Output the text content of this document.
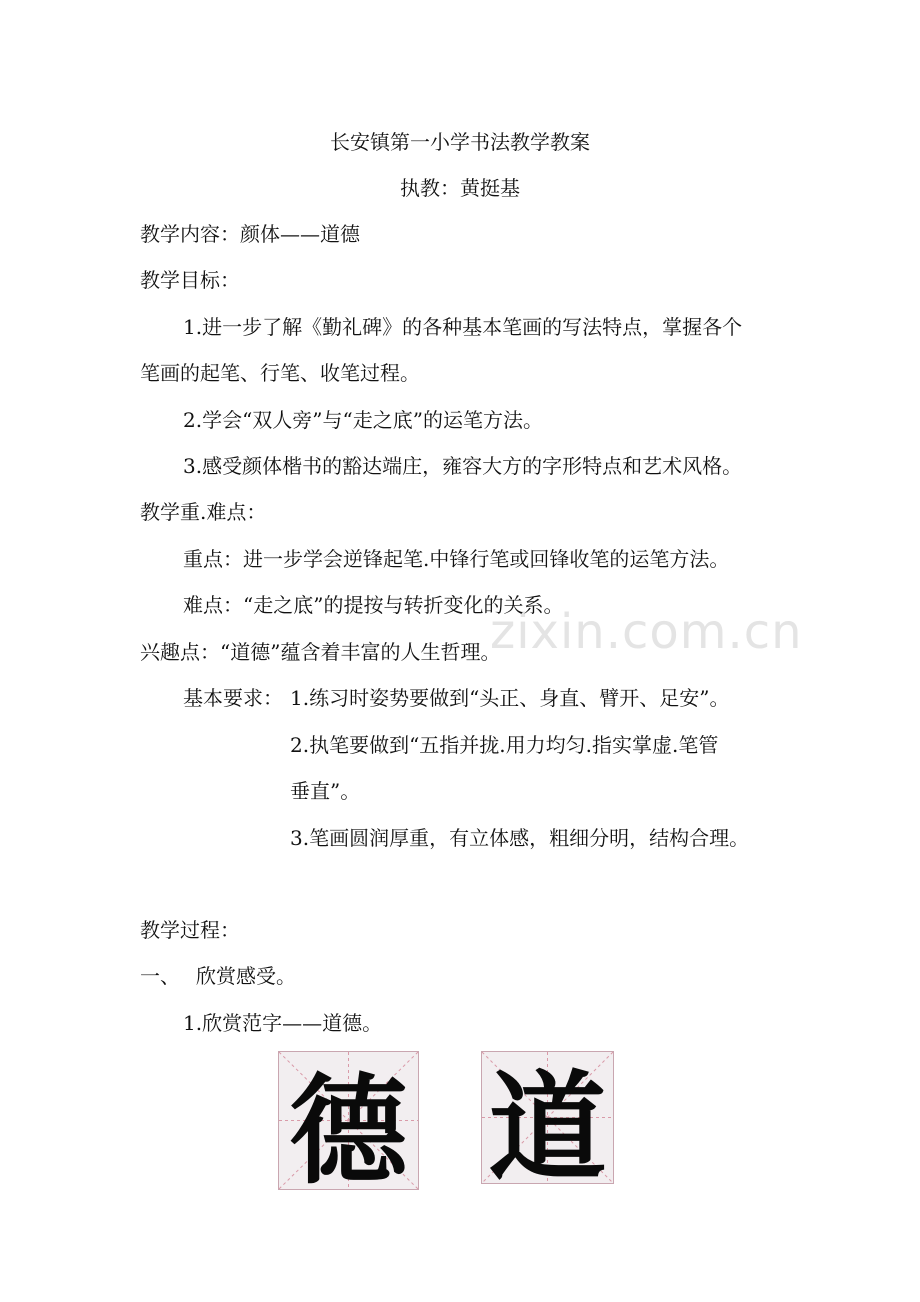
zixin.com.cn
长安镇第一小学书法教学教案
执教：黄挺基
教学内容：颜体——道德
教学目标：
1.进一步了解《勤礼碑》的各种基本笔画的写法特点，掌握各个
笔画的起笔、行笔、收笔过程。
2.学会“双人旁”与“走之底”的运笔方法。
3.感受颜体楷书的豁达端庄，雍容大方的字形特点和艺术风格。
教学重.难点：
重点：进一步学会逆锋起笔.中锋行笔或回锋收笔的运笔方法。
难点：“走之底”的提按与转折变化的关系。
兴趣点：“道德”蕴含着丰富的人生哲理。
基本要求： 1.练习时姿势要做到“头正、身直、臂开、足安”。
2.执笔要做到“五指并拢.用力均匀.指实掌虚.笔管
垂直”。
3.笔画圆润厚重，有立体感，粗细分明，结构合理。
教学过程：
一、 欣赏感受。
1.欣赏范字——道德。
德 道
